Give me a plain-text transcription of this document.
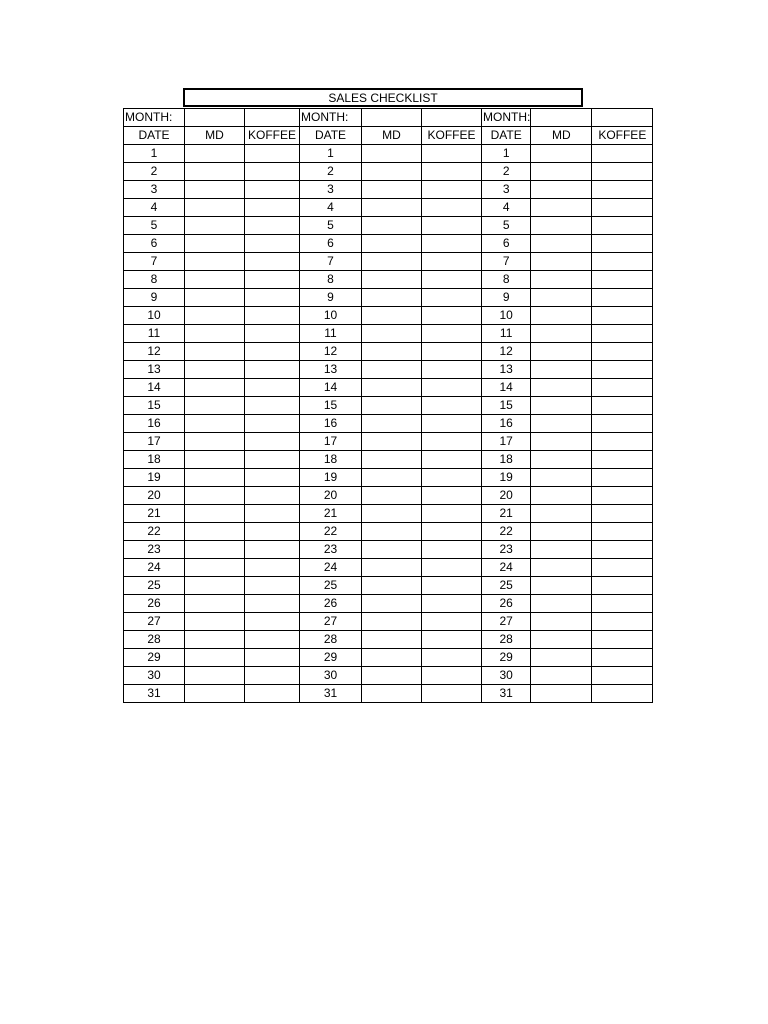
SALES CHECKLIST
MONTH:			MONTH:			MONTH:		
DATE	MD	KOFFEE	DATE	MD	KOFFEE	DATE	MD	KOFFEE
1			1			1		
2			2			2		
3			3			3		
4			4			4		
5			5			5		
6			6			6		
7			7			7		
8			8			8		
9			9			9		
10			10			10		
11			11			11		
12			12			12		
13			13			13		
14			14			14		
15			15			15		
16			16			16		
17			17			17		
18			18			18		
19			19			19		
20			20			20		
21			21			21		
22			22			22		
23			23			23		
24			24			24		
25			25			25		
26			26			26		
27			27			27		
28			28			28		
29			29			29		
30			30			30		
31			31			31		
